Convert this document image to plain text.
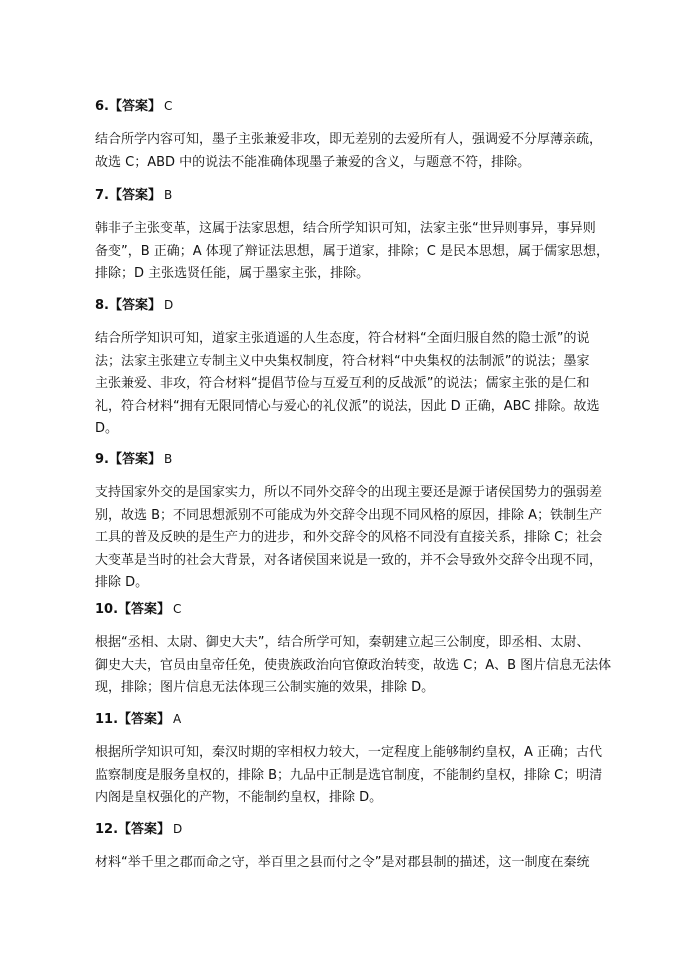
6.【答案】 C
结合所学内容可知，墨子主张兼爱非攻，即无差别的去爱所有人，强调爱不分厚薄亲疏，
故选 C；ABD 中的说法不能准确体现墨子兼爱的含义，与题意不符，排除。
7.【答案】 B
韩非子主张变革，这属于法家思想，结合所学知识可知，法家主张“世异则事异，事异则
备变”，B 正确；A 体现了辩证法思想，属于道家，排除；C 是民本思想，属于儒家思想，
排除；D 主张选贤任能，属于墨家主张，排除。
8.【答案】 D
结合所学知识可知，道家主张逍遥的人生态度，符合材料“全面归服自然的隐士派”的说
法；法家主张建立专制主义中央集权制度，符合材料“中央集权的法制派”的说法；墨家
主张兼爱、非攻，符合材料“提倡节俭与互爱互利的反战派”的说法；儒家主张的是仁和
礼，符合材料“拥有无限同情心与爱心的礼仪派”的说法，因此 D 正确，ABC 排除。故选
D。
9.【答案】 B
支持国家外交的是国家实力，所以不同外交辞令的出现主要还是源于诸侯国势力的强弱差
别，故选 B；不同思想派别不可能成为外交辞令出现不同风格的原因，排除 A；铁制生产
工具的普及反映的是生产力的进步，和外交辞令的风格不同没有直接关系，排除 C；社会
大变革是当时的社会大背景，对各诸侯国来说是一致的，并不会导致外交辞令出现不同，
排除 D。
10.【答案】 C
根据“丞相、太尉、御史大夫”，结合所学可知，秦朝建立起三公制度，即丞相、太尉、
御史大夫，官员由皇帝任免，使贵族政治向官僚政治转变，故选 C；A、B 图片信息无法体
现，排除；图片信息无法体现三公制实施的效果，排除 D。
11.【答案】 A
根据所学知识可知，秦汉时期的宰相权力较大，一定程度上能够制约皇权，A 正确；古代
监察制度是服务皇权的，排除 B；九品中正制是选官制度，不能制约皇权，排除 C；明清
内阁是皇权强化的产物，不能制约皇权，排除 D。
12.【答案】 D
材料“举千里之郡而命之守，举百里之县而付之令”是对郡县制的描述，这一制度在秦统
